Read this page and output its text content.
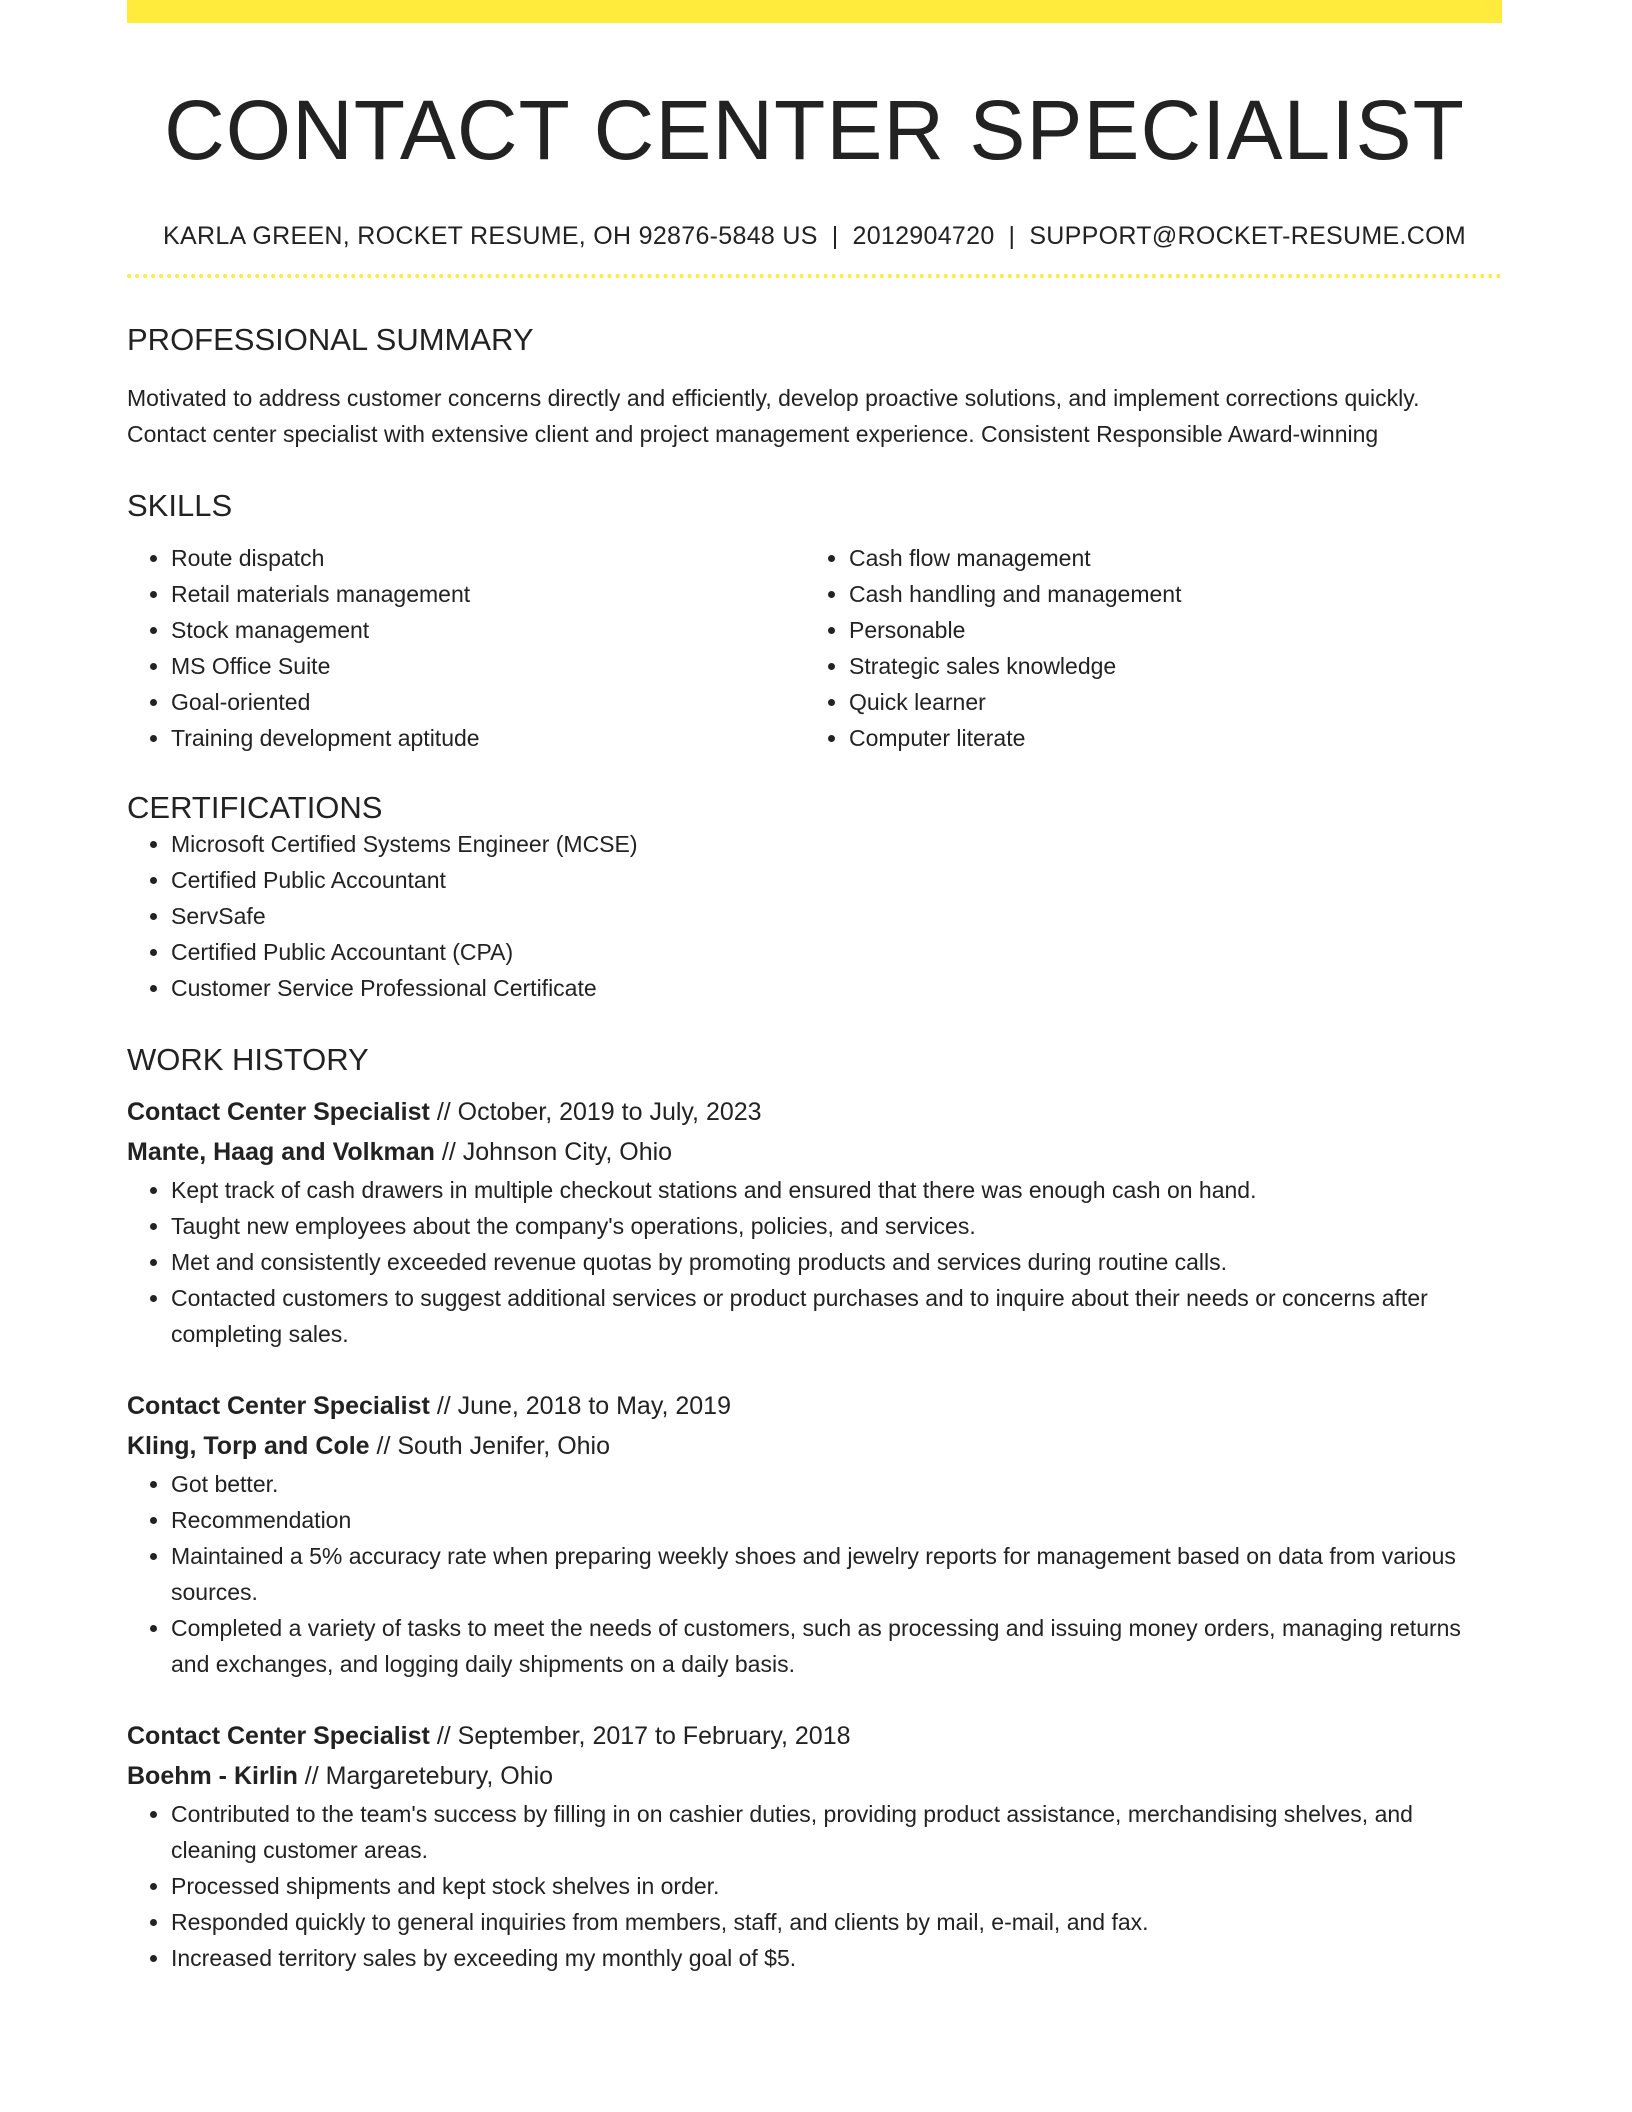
CONTACT CENTER SPECIALIST
KARLA GREEN, ROCKET RESUME, OH 92876-5848 US | 2012904720 | SUPPORT@ROCKET-RESUME.COM
PROFESSIONAL SUMMARY
Motivated to address customer concerns directly and efficiently, develop proactive solutions, and implement corrections quickly. Contact center specialist with extensive client and project management experience. Consistent Responsible Award-winning
SKILLS
• Route dispatch
• Retail materials management
• Stock management
• MS Office Suite
• Goal-oriented
• Training development aptitude
• Cash flow management
• Cash handling and management
• Personable
• Strategic sales knowledge
• Quick learner
• Computer literate
CERTIFICATIONS
• Microsoft Certified Systems Engineer (MCSE)
• Certified Public Accountant
• ServSafe
• Certified Public Accountant (CPA)
• Customer Service Professional Certificate
WORK HISTORY
Contact Center Specialist // October, 2019 to July, 2023
Mante, Haag and Volkman // Johnson City, Ohio
• Kept track of cash drawers in multiple checkout stations and ensured that there was enough cash on hand.
• Taught new employees about the company's operations, policies, and services.
• Met and consistently exceeded revenue quotas by promoting products and services during routine calls.
• Contacted customers to suggest additional services or product purchases and to inquire about their needs or concerns after completing sales.
Contact Center Specialist // June, 2018 to May, 2019
Kling, Torp and Cole // South Jenifer, Ohio
• Got better.
• Recommendation
• Maintained a 5% accuracy rate when preparing weekly shoes and jewelry reports for management based on data from various sources.
• Completed a variety of tasks to meet the needs of customers, such as processing and issuing money orders, managing returns and exchanges, and logging daily shipments on a daily basis.
Contact Center Specialist // September, 2017 to February, 2018
Boehm - Kirlin // Margaretebury, Ohio
• Contributed to the team's success by filling in on cashier duties, providing product assistance, merchandising shelves, and cleaning customer areas.
• Processed shipments and kept stock shelves in order.
• Responded quickly to general inquiries from members, staff, and clients by mail, e-mail, and fax.
• Increased territory sales by exceeding my monthly goal of $5.
